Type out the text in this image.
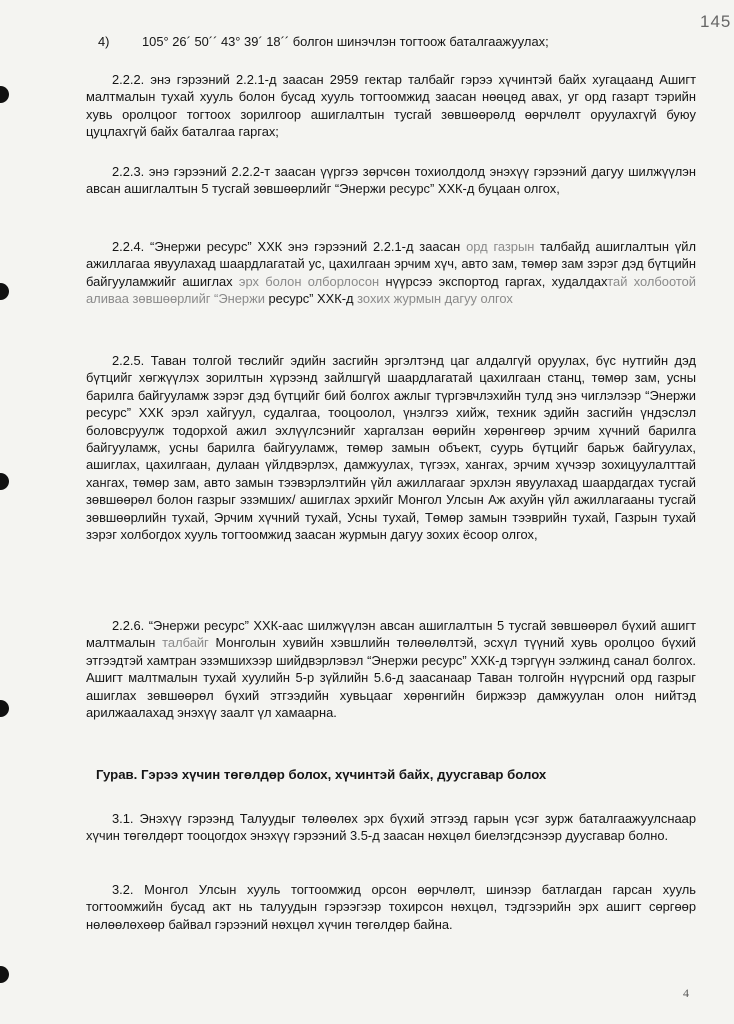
145
4)	105° 26´ 50´´ 43° 39´ 18´´ болгон шинэчлэн тогтоож баталгаажуулах;
2.2.2. энэ гэрээний 2.2.1-д заасан 2959 гектар талбайг гэрээ хүчинтэй байх хугацаанд Ашигт малтмалын тухай хууль болон бусад хууль тогтоомжид заасан нөөцөд авах, уг орд газарт тэрийн хувь оролцоог тогтоох зорилгоор ашиглалтын тусгай зөвшөөрөлд өөрчлөлт оруулахгүй буюу цуцлахгүй байх баталгаа гаргах;
2.2.3. энэ гэрээний 2.2.2-т заасан үүргээ зөрчсөн тохиолдолд энэхүү гэрээний дагуу шилжүүлэн авсан ашиглалтын 5 тусгай зөвшөөрлийг “Энержи ресурс” ХХК-д буцаан олгох,
2.2.4. “Энержи ресурс” ХХК энэ гэрээний 2.2.1-д заасан орд газрын талбайд ашиглалтын үйл ажиллагаа явуулахад шаардлагатай ус, цахилгаан эрчим хүч, авто зам, төмөр зам зэрэг дэд бүтцийн байгууламжийг ашиглах эрх болон олборлосон нүүрсээ экспортод гаргах, худалдахтай холбоотой аливаа зөвшөөрлийг “Энержи ресурс” ХХК-д зохих журмын дагуу олгох
2.2.5. Таван толгой төслийг эдийн засгийн эргэлтэнд цаг алдалгүй оруулах, бүс нутгийн дэд бүтцийг хөгжүүлэх зорилтын хүрээнд зайлшгүй шаардлагатай цахилгаан станц, төмөр зам, усны барилга байгууламж зэрэг дэд бүтцийг бий болгох ажлыг түргэвчлэхийн тулд энэ чиглэлээр “Энержи ресурс” ХХК эрэл хайгуул, судалгаа, тооцоолол, үнэлгээ хийж, техник эдийн засгийн үндэслэл боловсруулж тодорхой ажил эхлүүлсэнийг харгалзан өөрийн хөрөнгөөр эрчим хүчний барилга байгууламж, усны барилга байгууламж, төмөр замын объект, суурь бүтцийг барьж байгуулах, ашиглах, цахилгаан, дулаан үйлдвэрлэх, дамжуулах, түгээх, хангах, эрчим хүчээр зохицуулалттай хангах, төмөр зам, авто замын тээвэрлэлтийн үйл ажиллагааг эрхлэн явуулахад шаардагдах тусгай зөвшөөрөл болон газрыг эзэмших/ ашиглах эрхийг Монгол Улсын Аж ахуйн үйл ажиллагааны тусгай зөвшөөрлийн тухай, Эрчим хүчний тухай, Усны тухай, Төмөр замын тээврийн тухай, Газрын тухай зэрэг холбогдох хууль тогтоомжид заасан журмын дагуу зохих ёсоор олгох,
2.2.6. “Энержи ресурс” ХХК-аас шилжүүлэн авсан ашиглалтын 5 тусгай зөвшөөрөл бүхий ашигт малтмалын талбайг Монголын хувийн хэвшлийн төлөөлөлтэй, эсхүл түүний хувь оролцоо бүхий этгээдтэй хамтран эзэмшихээр шийдвэрлэвэл “Энержи ресурс” ХХК-д тэргүүн ээлжинд санал болгох. Ашигт малтмалын тухай хуулийн 5-р зүйлийн 5.6-д заасанаар Таван толгойн нүүрсний орд газрыг ашиглах зөвшөөрөл бүхий этгээдийн хувьцааг хөрөнгийн биржээр дамжуулан олон нийтэд арилжаалахад энэхүү заалт үл хамаарна.
Гурав. Гэрээ хүчин төгөлдөр болох, хүчинтэй байх, дуусгавар болох
3.1. Энэхүү гэрээнд Талуудыг төлөөлөх эрх бүхий этгээд гарын үсэг зурж баталгаажуулснаар хүчин төгөлдөрт тооцогдох энэхүү гэрээний 3.5-д заасан нөхцөл биелэгдсэнээр дуусгавар болно.
3.2. Монгол Улсын хууль тогтоомжид орсон өөрчлөлт, шинээр батлагдан гарсан хууль тогтоомжийн бусад акт нь талуудын гэрээгээр тохирсон нөхцөл, тэдгээрийн эрх ашигт сөргөөр нөлөөлөхөөр байвал гэрээний нөхцөл хүчин төгөлдөр байна.
4
